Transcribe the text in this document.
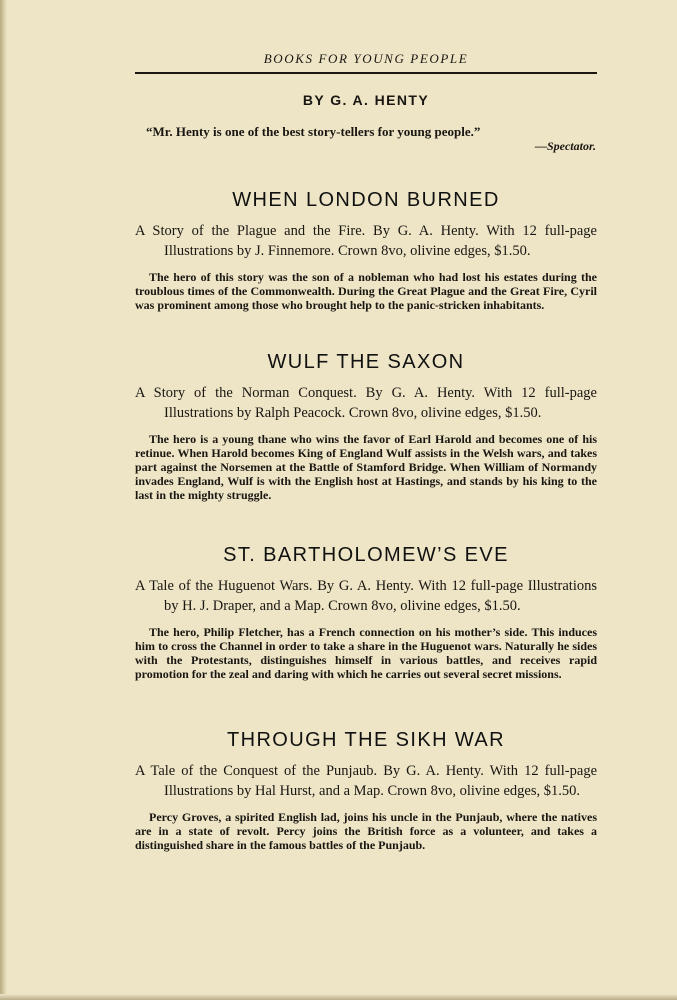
BOOKS FOR YOUNG PEOPLE
BY G. A. HENTY
“Mr. Henty is one of the best story-tellers for young people.”
—Spectator.
WHEN LONDON BURNED

A Story of the Plague and the Fire. By G. A. Henty. With 12 full-page Illustrations by J. Finnemore. Crown 8vo, olivine edges, $1.50.

The hero of this story was the son of a nobleman who had lost his estates during the troublous times of the Commonwealth. During the Great Plague and the Great Fire, Cyril was prominent among those who brought help to the panic-stricken inhabitants.

WULF THE SAXON

A Story of the Norman Conquest. By G. A. Henty. With 12 full-page Illustrations by Ralph Peacock. Crown 8vo, olivine edges, $1.50.

The hero is a young thane who wins the favor of Earl Harold and becomes one of his retinue. When Harold becomes King of England Wulf assists in the Welsh wars, and takes part against the Norsemen at the Battle of Stamford Bridge. When William of Normandy invades England, Wulf is with the English host at Hastings, and stands by his king to the last in the mighty struggle.

ST. BARTHOLOMEW’S EVE

A Tale of the Huguenot Wars. By G. A. Henty. With 12 full-page Illustrations by H. J. Draper, and a Map. Crown 8vo, olivine edges, $1.50.

The hero, Philip Fletcher, has a French connection on his mother’s side. This induces him to cross the Channel in order to take a share in the Huguenot wars. Naturally he sides with the Protestants, distinguishes himself in various battles, and receives rapid promotion for the zeal and daring with which he carries out several secret missions.

THROUGH THE SIKH WAR

A Tale of the Conquest of the Punjaub. By G. A. Henty. With 12 full-page Illustrations by Hal Hurst, and a Map. Crown 8vo, olivine edges, $1.50.

Percy Groves, a spirited English lad, joins his uncle in the Punjaub, where the natives are in a state of revolt. Percy joins the British force as a volunteer, and takes a distinguished share in the famous battles of the Punjaub.
